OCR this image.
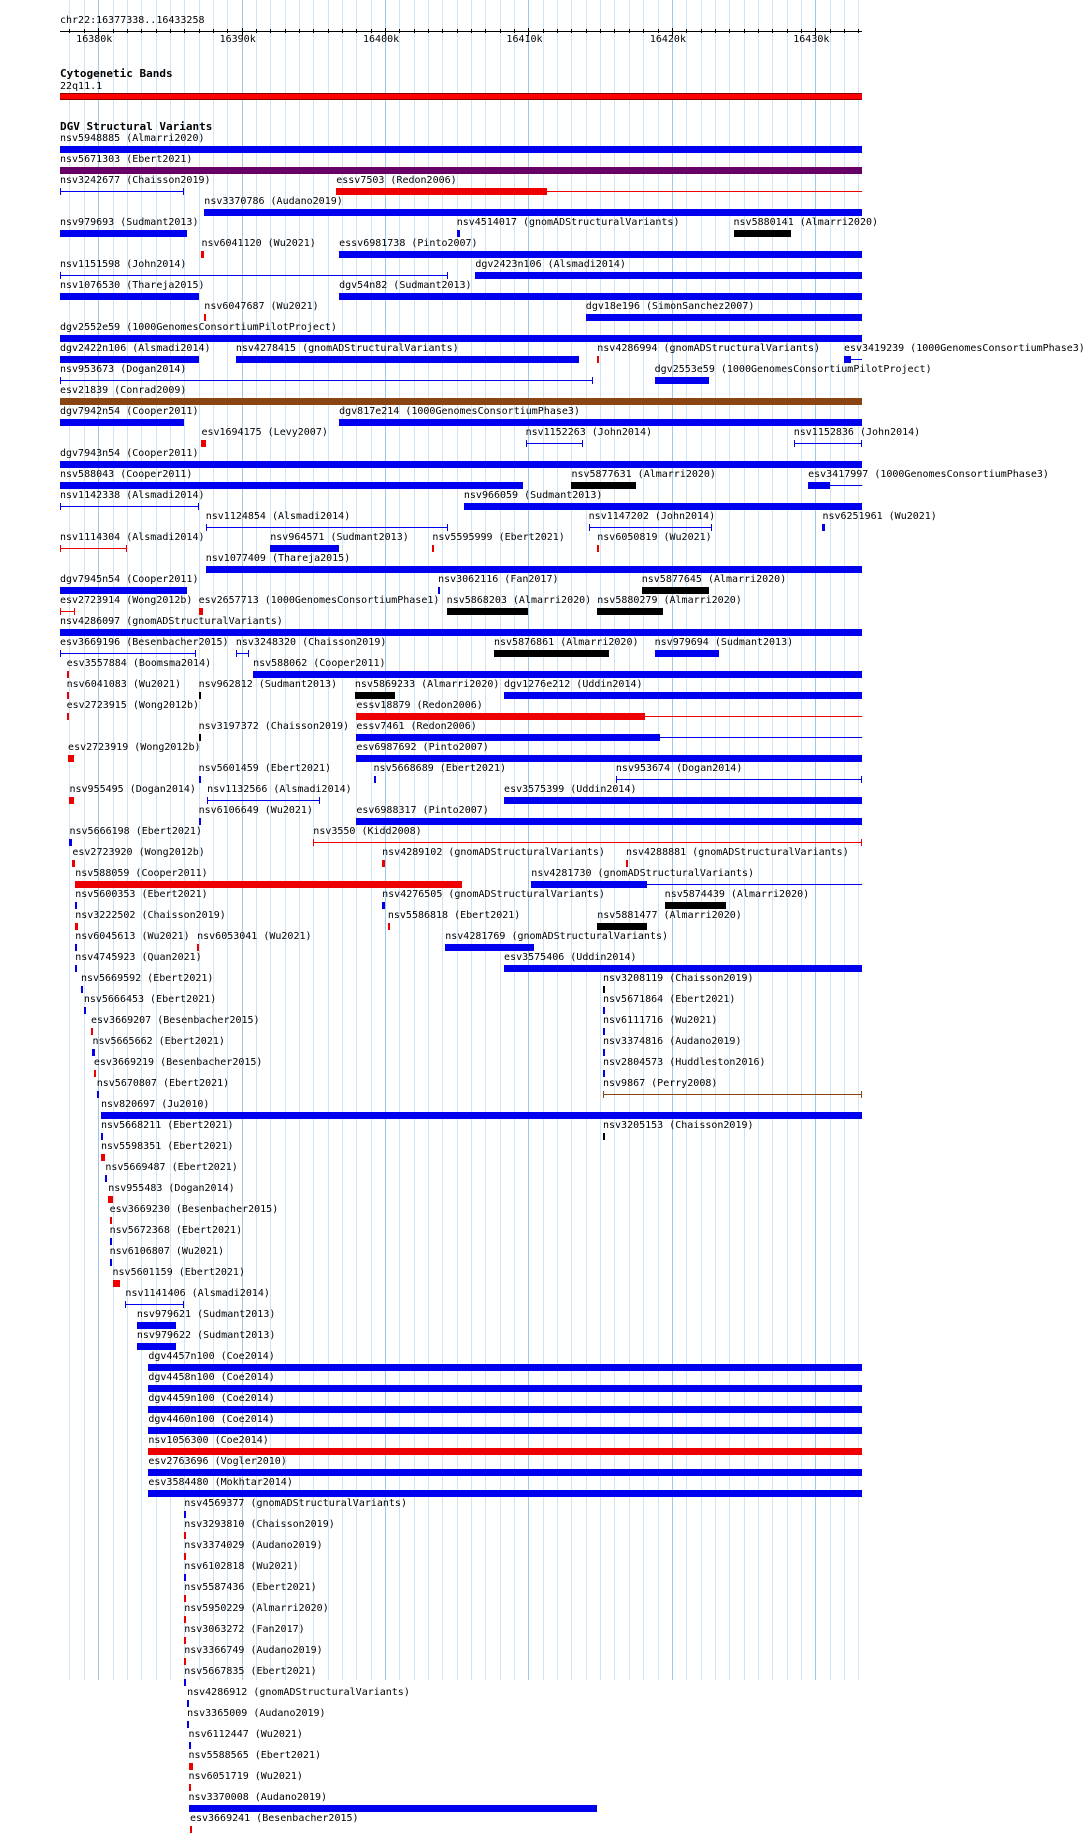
chr22:16377338..16433258
Cytogenetic Bands
22q11.1
DGV Structural Variants
nsv5948885 (Almarri2020)
nsv5671303 (Ebert2021)
nsv3242677 (Chaisson2019)
nsv3370786 (Audano2019)
nsv979693 (Sudmant2013)
nsv6041120 (Wu2021)
essv7503 (Redon2006)
nsv1151598 (John2014)
nsv4514017 (gnomADStructuralVariants)	nsv5880141 (Almarri2020)
nsv1076530 (Thareja2015)
nsv6047687 (Wu2021)
essv6981738 (Pinto2007)
dgv2552e59 (1000GenomesConsortiumPilotProject)
dgv54n82 (Sudmant2013)
dgv2423n106 (Alsmadi2014)
dgv2422n106 (Alsmadi2014)	nsv4278415 (gnomADStructuralVariants)
dgv18e196 (SimonSanchez2007)
nsv953673 (Dogan2014)
nsv4286994 (gnomADStructuralVariants) esv3419239 (1000GenomesConsortiumPhase3)
esv21839 (Conrad2009)
dgv7942n54 (Cooper2011)
esv1694175 (Levy2007)
dgv817e214 (1000GenomesConsortiumPhase3)
dgv7943n54 (Cooper2011)
nsv588043 (Cooper2011)
nsv1152263 (John2014)
dgv2553e59 (1000GenomesConsortiumPilotProject)
nsv1142338 (Alsmadi2014)
nsv1124854 (Alsmadi2014)
nsv966059 (Sudmant2013)
nsv1114304 (Alsmadi2014)
nsv1077409 (Thareja2015)
dgv7945n54 (Cooper2011)
nsv964571 (Sudmant2013) nsv5595999 (Ebert2021)
nsv5877631 (Almarri2020)
nsv1152836 (John2014)
esv2723914 (Wong2012b) esv2657713 (1000GenomesConsortiumPhase1)
nsv3062116 (Fan2017)
nsv1147202 (John2014)
esv3417997 (1000GenomesConsortiumPhase3)
nsv4286097 (gnomADStructuralVariants)
esv3669196 (Besenbacher2015) nsv3248320 (Chaisson2019)
nsv5868203 (Almarri2020)
nsv6050819 (Wu2021)
nsv6251961 (Wu2021)
esv3557884 (Boomsma2014)	nsv588062 (Cooper2011)
nsv6041083 (Wu2021) nsv962812 (Sudmant2013) nsv5869233 (Almarri2020)
nsv5876861 (Almarri2020)
nsv5877645 (Almarri2020)
esv2723915 (Wong2012b)
nsv3197372 (Chaisson2019)
essv18879 (Redon2006)
esv2723919 (Wong2012b)
nsv5601459 (Ebert2021)
essv7461 (Redon2006)
nsv955495 (Dogan2014)
nsv6106649 (Wu2021)
esv6987692 (Pinto2007)
nsv5666198 (Ebert2021)
nsv1132566 (Alsmadi2014)
nsv5668689 (Ebert2021)
dgv1276e212 (Uddin2014)
esv2723920 (Wong2012b)
nsv3550 (Kidd2008)
nsv588059 (Cooper2011)
esv3575399 (Uddin2014)
nsv5600353 (Ebert2021)
esv6988317 (Pinto2007)
nsv3222502 (Chaisson2019)
nsv4289102 (gnomADStructuralVariants)
nsv5880279 (Almarri2020)
nsv6045613 (Wu2021) nsv6053041 (Wu2021)
nsv4276505 (gnomADStructuralVariants)
nsv953674 (Dogan2014)
nsv4745923 (Quan2021)
nsv5586818 (Ebert2021)
nsv4281730 (gnomADStructuralVariants)
nsv5669592 (Ebert2021)
nsv4281769 (gnomADStructuralVariants)
nsv979694 (Sudmant2013)
nsv5666453 (Ebert2021)
esv3575406 (Uddin2014)
esv3669207 (Besenbacher2015)
nsv5881477 (Almarri2020)
nsv5665662 (Ebert2021)
nsv3208119 (Chaisson2019)
esv3669219 (Besenbacher2015)
nsv5671864 (Ebert2021)
nsv5670807 (Ebert2021)
nsv6111716 (Wu2021)
nsv820697 (Ju2010)
nsv5668211 (Ebert2021)
nsv3374816 (Audano2019)
nsv5598351 (Ebert2021)
nsv2804573 (Huddleston2016)
nsv5669487 (Ebert2021)
nsv9867 (Perry2008)
nsv955483 (Dogan2014)
nsv3205153 (Chaisson2019)
esv3669230 (Besenbacher2015)
nsv4288881 (gnomADStructuralVariants)
nsv5672368 (Ebert2021)
nsv5874439 (Almarri2020)
nsv6106807 (Wu2021)
nsv5601159 (Ebert2021)
nsv1141406 (Alsmadi2014)
nsv979621 (Sudmant2013)
nsv979622 (Sudmant2013)
dgv4457n100 (Coe2014)
dgv4458n100 (Coe2014)
dgv4459n100 (Coe2014)
dgv4460n100 (Coe2014)
nsv1056300 (Coe2014)
esv2763696 (Vogler2010)
esv3584480 (Mokhtar2014)
nsv4569377 (gnomADStructuralVariants)
nsv3293810 (Chaisson2019)
nsv3374029 (Audano2019)
nsv6102818 (Wu2021)
nsv5587436 (Ebert2021)
nsv5950229 (Almarri2020)
nsv3063272 (Fan2017)
nsv3366749 (Audano2019)
nsv5667835 (Ebert2021)
nsv4286912 (gnomADStructuralVariants)
nsv3365009 (Audano2019)
nsv6112447 (Wu2021)
nsv5588565 (Ebert2021)
nsv6051719 (Wu2021)
nsv3370008 (Audano2019)
esv3669241 (Besenbacher2015)
16380k	16390k	16400k	16410k	16420k	16430k
